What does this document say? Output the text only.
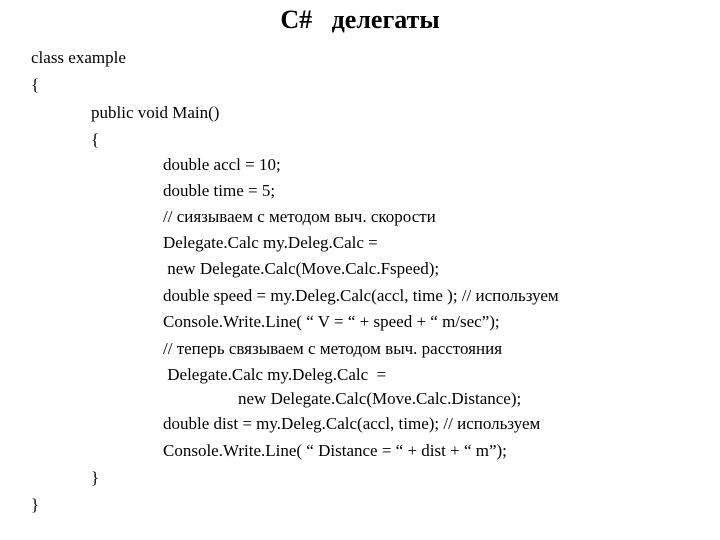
C#   делегаты
class example
{
public void Main()
{
double accl = 10;
double time = 5;
// сиязываем с методом выч. скорости
Delegate.Calc my.Deleg.Calc =
new Delegate.Calc(Move.Calc.Fspeed);
double speed = my.Deleg.Calc(accl, time ); // используем
Console.Write.Line( “ V = “ + speed + “ m/sec”);
// теперь связываем с методом выч. расстояния
Delegate.Calc my.Deleg.Calc  =
new Delegate.Calc(Move.Calc.Distance);
double dist = my.Deleg.Calc(accl, time); // используем
Console.Write.Line( “ Distance = “ + dist + “ m”);
}
}
